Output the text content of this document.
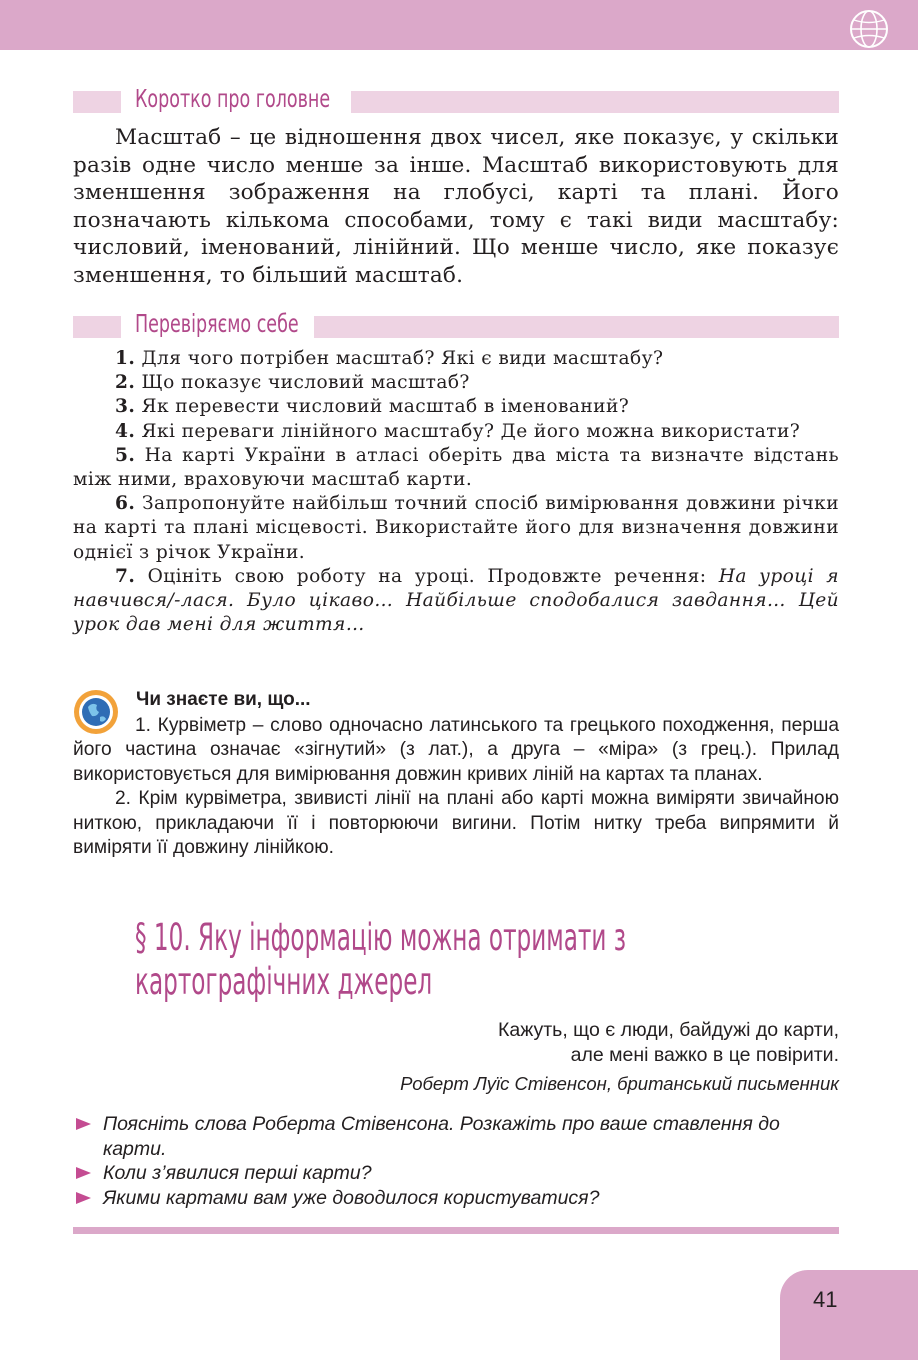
Коротко про головне

Масштаб – це відношення двох чисел, яке показує, у скільки разів одне число менше за інше. Масштаб використовують для зменшення зображення на глобусі, карті та плані. Його позначають кількома способами, тому є такі види масштабу: числовий, іменований, лінійний. Що менше число, яке показує зменшення, то більший масштаб.

Перевіряємо себе

1. Для чого потрібен масштаб? Які є види масштабу?

2. Що показує числовий масштаб?

3. Як перевести числовий масштаб в іменований?

4. Які переваги лінійного масштабу? Де його можна використати?

5. На карті України в атласі оберіть два міста та визначте відстань між ними, враховуючи масштаб карти.

6. Запропонуйте найбільш точний спосіб вимірювання довжини річки на карті та плані місцевості. Використайте його для визначення довжини однієї з річок України.

7. Оцініть свою роботу на уроці. Продовжте речення: На уроці я навчився/-лася. Було цікаво… Найбільше сподобалися завдання… Цей урок дав мені для життя…

Чи знаєте ви, що...

1. Курвіметр – слово одночасно латинського та грецького походження, перша його частина означає «зігнутий» (з лат.), а друга – «міра» (з грец.). Прилад використовується для вимірювання довжин кривих ліній на картах та планах.

2. Крім курвіметра, звивисті лінії на плані або карті можна виміряти звичайною ниткою, прикладаючи її і повторюючи вигини. Потім нитку треба випрямити й виміряти її довжину лінійкою.

§ 10. Яку інформацію можна отримати з картографічних джерел
Кажуть, що є люди, байдужі до карти,
але мені важко в це повірити.
Роберт Луїс Стівенсон, британський письменник
Поясніть слова Роберта Стівенсона. Розкажіть про ваше ставлення до карти.
Коли з’явилися перші карти?
Якими картами вам уже доводилося користуватися?
41
